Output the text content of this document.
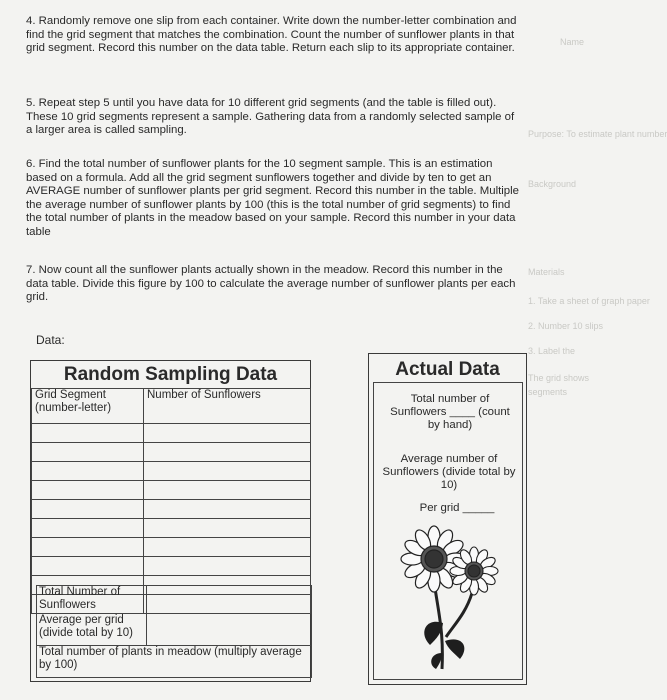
Name
Purpose: To estimate plant number
Background
Materials
1. Take a sheet of graph paper
2. Number 10 slips
3. Label the
The grid shows
segments

4. Randomly remove one slip from each container. Write down the number-letter combination and find the grid segment that matches the combination. Count the number of sunflower plants in that grid segment. Record this number on the data table. Return each slip to its appropriate container.

5. Repeat step 5 until you have data for 10 different grid segments (and the table is filled out). These 10 grid segments represent a sample. Gathering data from a randomly selected sample of a larger area is called sampling.

6. Find the total number of sunflower plants for the 10 segment sample. This is an estimation based on a formula. Add all the grid segment sunflowers together and divide by ten to get an AVERAGE number of sunflower plants per grid segment. Record this number in the table. Multiple the average number of sunflower plants by 100 (this is the total number of grid segments) to find the total number of plants in the meadow based on your sample. Record this number in your data table

7. Now count all the sunflower plants actually shown in the meadow. Record this number in the data table. Divide this figure by 100 to calculate the average number of sunflower plants per each grid.

Data:
Random Sampling Data
Grid Segment (number-letter)	Number of Sunflowers

Total Number of Sunflowers	
Average per grid (divide total by 10)	
Total number of plants in meadow (multiply average by 100)	
Actual Data
Total number of Sunflowers ____ (count by hand)
Average number of Sunflowers (divide total by 10)
Per grid _____
